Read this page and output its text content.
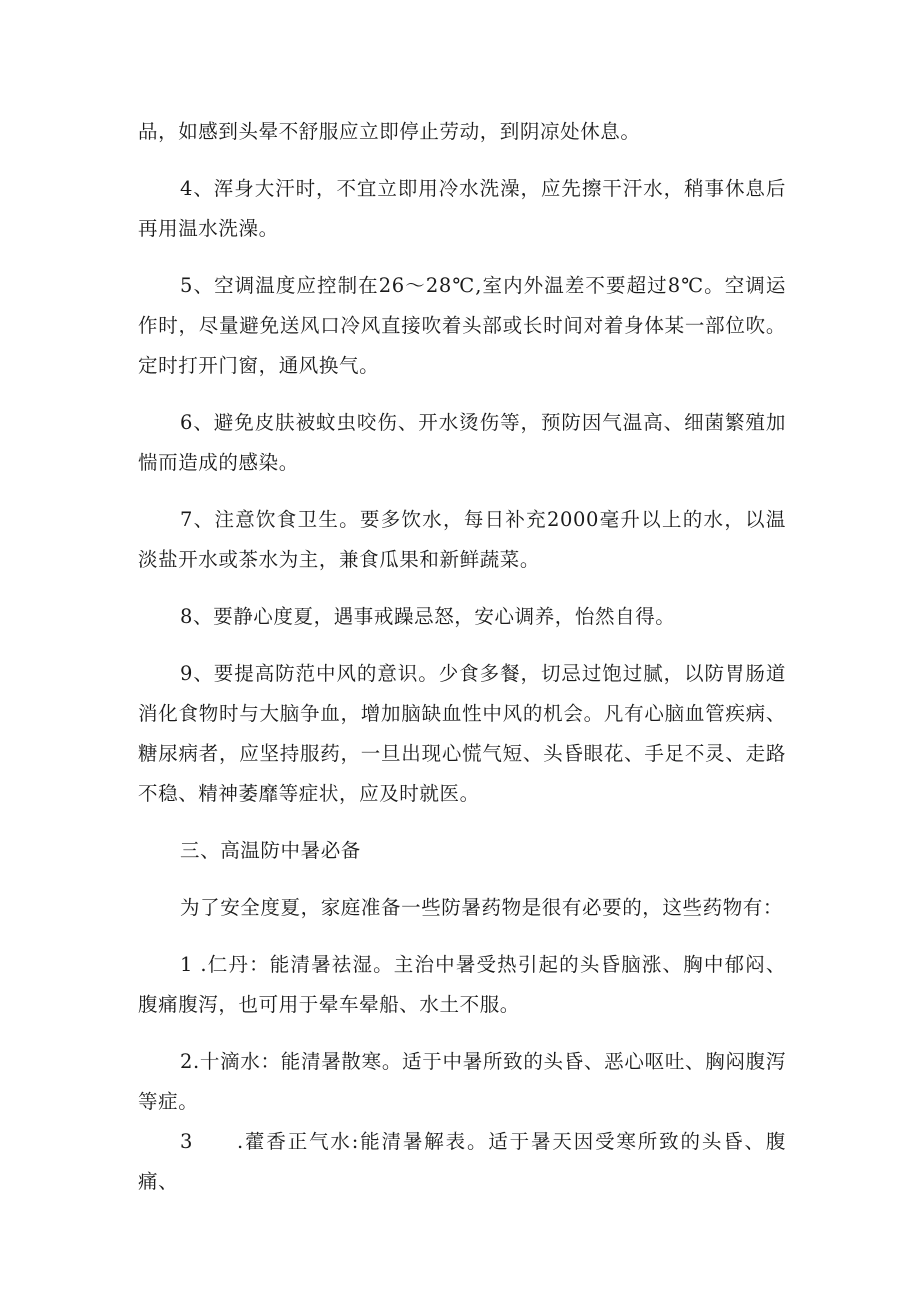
品，如感到头晕不舒服应立即停止劳动，到阴凉处休息。

4、浑身大汗时，不宜立即用冷水洗澡，应先擦干汗水，稍事休息后再用温水洗澡。

5、空调温度应控制在26～28℃,室内外温差不要超过8℃。空调运作时，尽量避免送风口冷风直接吹着头部或长时间对着身体某一部位吹。定时打开门窗，通风换气。

6、避免皮肤被蚊虫咬伤、开水烫伤等，预防因气温高、细菌繁殖加惴而造成的感染。

7、注意饮食卫生。要多饮水，每日补充2000毫升以上的水，以温淡盐开水或茶水为主，兼食瓜果和新鲜蔬菜。

8、要静心度夏，遇事戒躁忌怒，安心调养，怡然自得。

9、要提高防范中风的意识。少食多餐，切忌过饱过腻，以防胃肠道消化食物时与大脑争血，增加脑缺血性中风的机会。凡有心脑血管疾病、糖尿病者，应坚持服药，一旦出现心慌气短、头昏眼花、手足不灵、走路不稳、精神萎靡等症状，应及时就医。

三、高温防中暑必备

为了安全度夏，家庭准备一些防暑药物是很有必要的，这些药物有：

1 .仁丹：能清暑祛湿。主治中暑受热引起的头昏脑涨、胸中郁闷、腹痛腹泻，也可用于晕车晕船、水土不服。

2.十滴水：能清暑散寒。适于中暑所致的头昏、恶心呕吐、胸闷腹泻等症。

3　　.藿香正气水:能清暑解表。适于暑天因受寒所致的头昏、腹痛、
